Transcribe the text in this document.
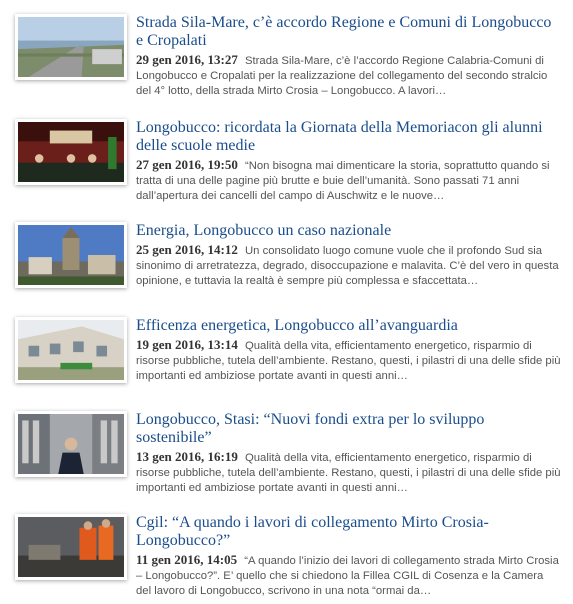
Strada Sila-Mare, c’è accordo Regione e Comuni di Longobucco e Cropalati
29 gen 2016, 13:27 Strada Sila-Mare, c’è l’accordo Regione Calabria-Comuni di Longobucco e Cropalati per la realizzazione del collegamento del secondo stralcio del 4° lotto, della strada Mirto Crosia – Longobucco. A lavori…
Longobucco: ricordata la Giornata della Memoriacon gli alunni delle scuole medie
27 gen 2016, 19:50 “Non bisogna mai dimenticare la storia, soprattutto quando si tratta di una delle pagine più brutte e buie dell’umanità. Sono passati 71 anni dall’apertura dei cancelli del campo di Auschwitz e le nuove…
Energia, Longobucco un caso nazionale
25 gen 2016, 14:12 Un consolidato luogo comune vuole che il profondo Sud sia sinonimo di arretratezza, degrado, disoccupazione e malavita. C’è del vero in questa opinione, e tuttavia la realtà è sempre più complessa e sfaccettata…
Efficenza energetica, Longobucco all’avanguardia
19 gen 2016, 13:14 Qualità della vita, efficientamento energetico, risparmio di risorse pubbliche, tutela dell’ambiente. Restano, questi, i pilastri di una delle sfide più importanti ed ambiziose portate avanti in questi anni…
Longobucco, Stasi: “Nuovi fondi extra per lo sviluppo sostenibile”
13 gen 2016, 16:19 Qualità della vita, efficientamento energetico, risparmio di risorse pubbliche, tutela dell’ambiente. Restano, questi, i pilastri di una delle sfide più importanti ed ambiziose portate avanti in questi anni…
Cgil: “A quando i lavori di collegamento Mirto Crosia-Longobucco?”
11 gen 2016, 14:05 “A quando l’inizio dei lavori di collegamento strada Mirto Crosia – Longobucco?”. E’ quello che si chiedono la Fillea CGIL di Cosenza e la Camera del lavoro di Longobucco, scrivono in una nota “ormai da…
